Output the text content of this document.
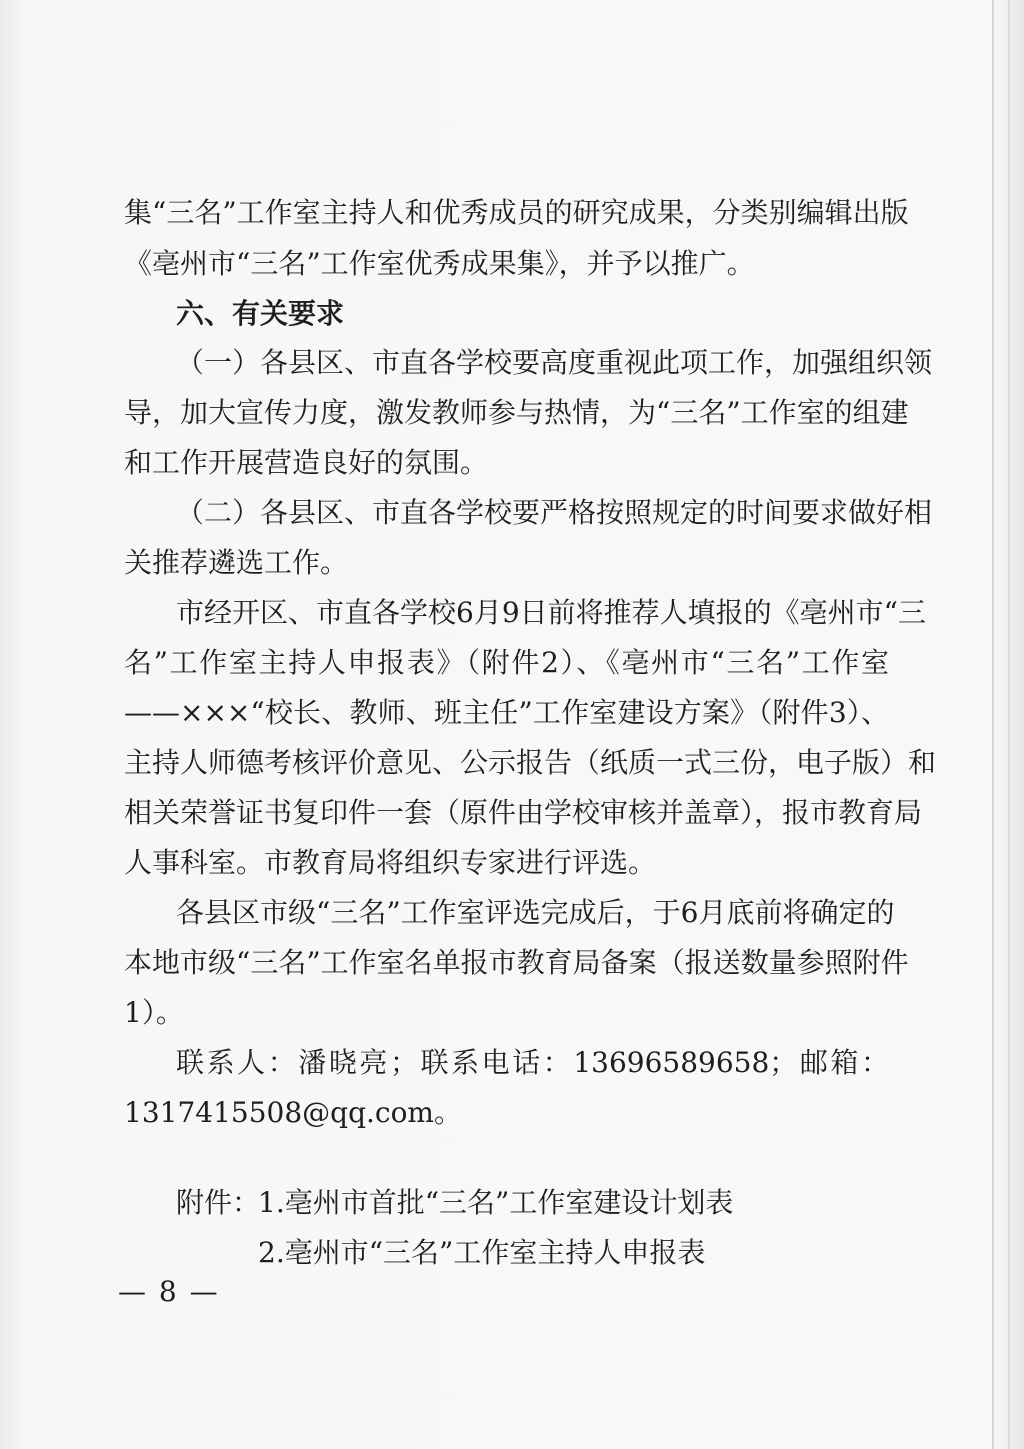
集“三名”工作室主持人和优秀成员的研究成果，分类别编辑出版
《亳州市“三名”工作室优秀成果集》，并予以推广。
六、有关要求
（一）各县区、市直各学校要高度重视此项工作，加强组织领
导，加大宣传力度，激发教师参与热情，为“三名”工作室的组建
和工作开展营造良好的氛围。
（二）各县区、市直各学校要严格按照规定的时间要求做好相
关推荐遴选工作。
市经开区、市直各学校6月9日前将推荐人填报的《亳州市“三
名”工作室主持人申报表》（附件2）、《亳州市“三名”工作室
——×××“校长、教师、班主任”工作室建设方案》（附件3）、
主持人师德考核评价意见、公示报告（纸质一式三份，电子版）和
相关荣誉证书复印件一套（原件由学校审核并盖章），报市教育局
人事科室。市教育局将组织专家进行评选。
各县区市级“三名”工作室评选完成后，于6月底前将确定的
本地市级“三名”工作室名单报市教育局备案（报送数量参照附件
1）。
联系人：潘晓亮；联系电话：13696589658；邮箱：
1317415508@qq.com。
附件：
1.亳州市首批“三名”工作室建设计划表
2.亳州市“三名”工作室主持人申报表
— 8 —
